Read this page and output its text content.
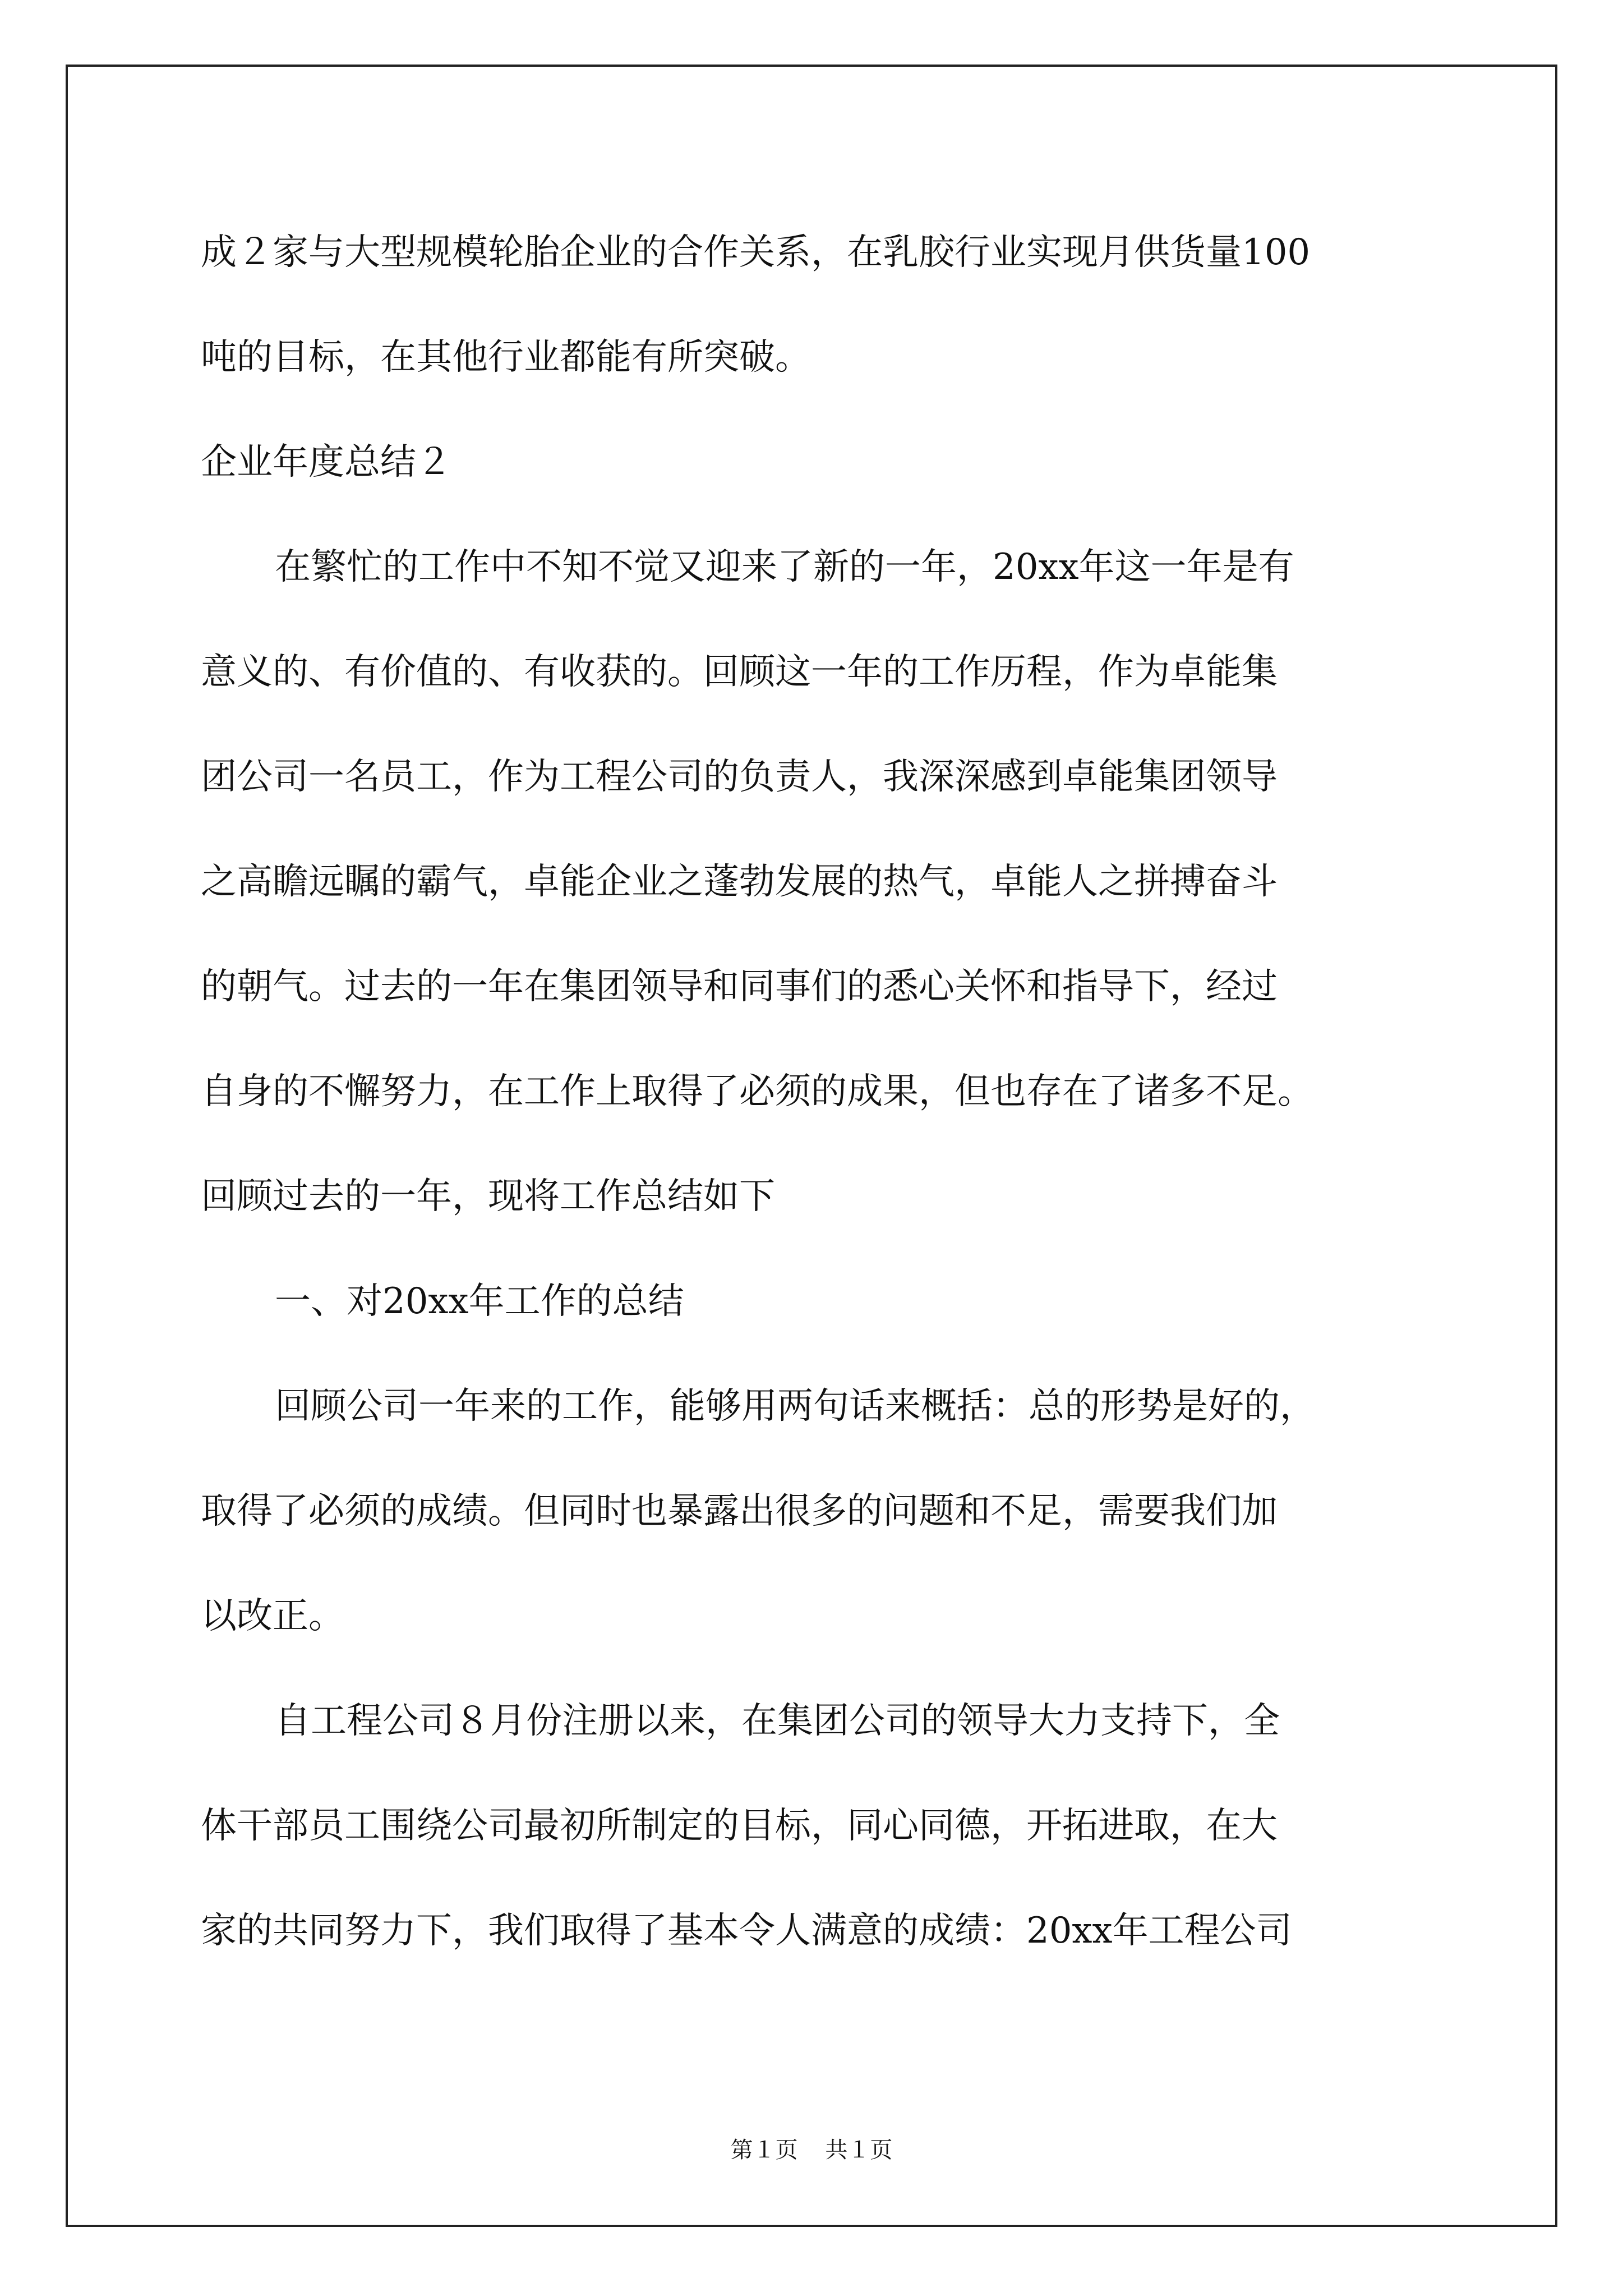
成２家与大型规模轮胎企业的合作关系，在乳胶行业实现月供货量100
吨的目标，在其他行业都能有所突破。
企业年度总结２
在繁忙的工作中不知不觉又迎来了新的一年，20xx年这一年是有
意义的、有价值的、有收获的。回顾这一年的工作历程，作为卓能集
团公司一名员工，作为工程公司的负责人，我深深感到卓能集团领导
之高瞻远瞩的霸气，卓能企业之蓬勃发展的热气，卓能人之拼搏奋斗
的朝气。过去的一年在集团领导和同事们的悉心关怀和指导下，经过
自身的不懈努力，在工作上取得了必须的成果，但也存在了诸多不足。
回顾过去的一年，现将工作总结如下
一、对20xx年工作的总结
回顾公司一年来的工作，能够用两句话来概括：总的形势是好的，
取得了必须的成绩。但同时也暴露出很多的问题和不足，需要我们加
以改正。
自工程公司８月份注册以来，在集团公司的领导大力支持下，全
体干部员工围绕公司最初所制定的目标，同心同德，开拓进取，在大
家的共同努力下，我们取得了基本令人满意的成绩：20xx年工程公司
第１页 共１页
